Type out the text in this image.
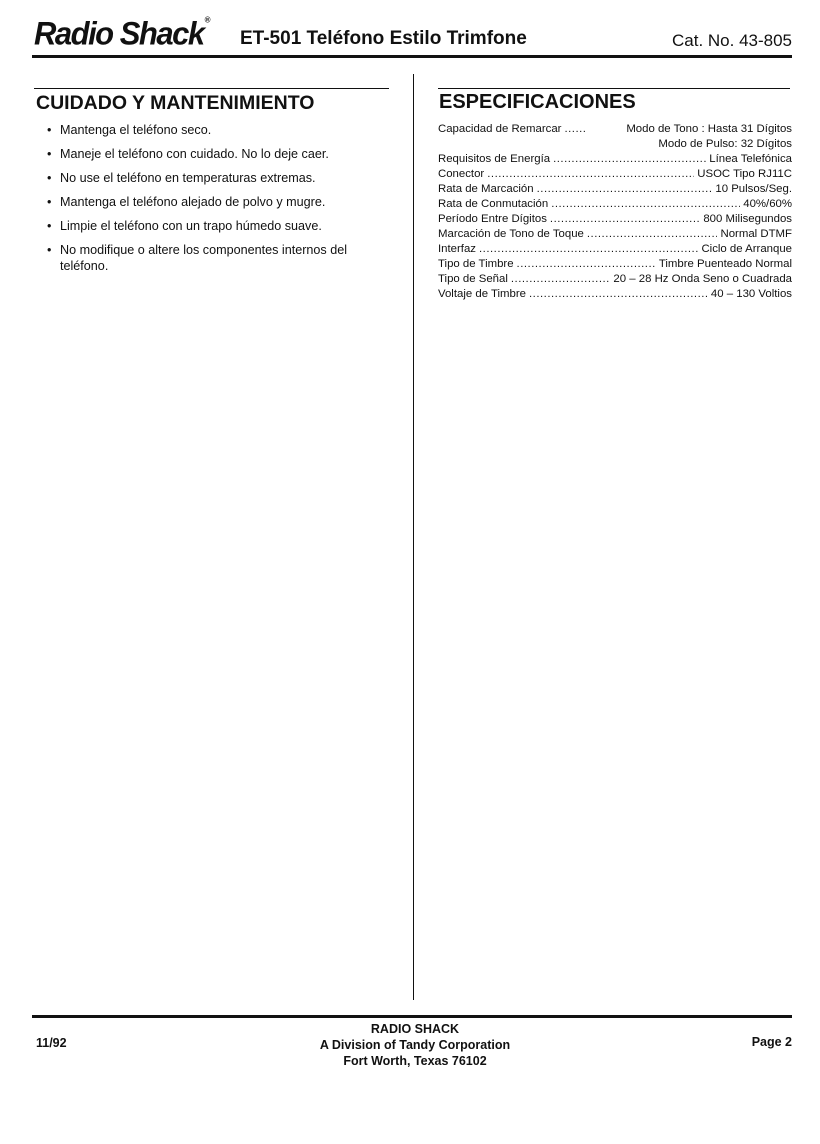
Radio Shack®
ET-501 Teléfono Estilo Trimfone	Cat. No. 43-805
CUIDADO Y MANTENIMIENTO
• Mantenga el teléfono seco.
• Maneje el teléfono con cuidado. No lo deje caer.
• No use el teléfono en temperaturas extremas.
• Mantenga el teléfono alejado de polvo y mugre.
• Limpie el teléfono con un trapo húmedo suave.
• No modifique o altere los componentes internos del teléfono.
ESPECIFICACIONES
Capacidad de Remarcar .....	Modo de Tono : Hasta 31 Dígitos
Modo de Pulso: 32 Dígitos
Requisitos de Energía .....	Línea Telefónica
Conector .....	USOC Tipo RJ11C
Rata de Marcación .....	10 Pulsos/Seg.
Rata de Conmutación .....	40%/60%
Período Entre Dígitos .....	800 Milisegundos
Marcación de Tono de Toque .....	Normal DTMF
Interfaz .....	Ciclo de Arranque
Tipo de Timbre .....	Timbre Puenteado Normal
Tipo de Señal .....	20 – 28 Hz Onda Seno o Cuadrada
Voltaje de Timbre .....	40 – 130 Voltios
11/92
RADIO SHACK
A Division of Tandy Corporation
Fort Worth, Texas 76102
Page 2
